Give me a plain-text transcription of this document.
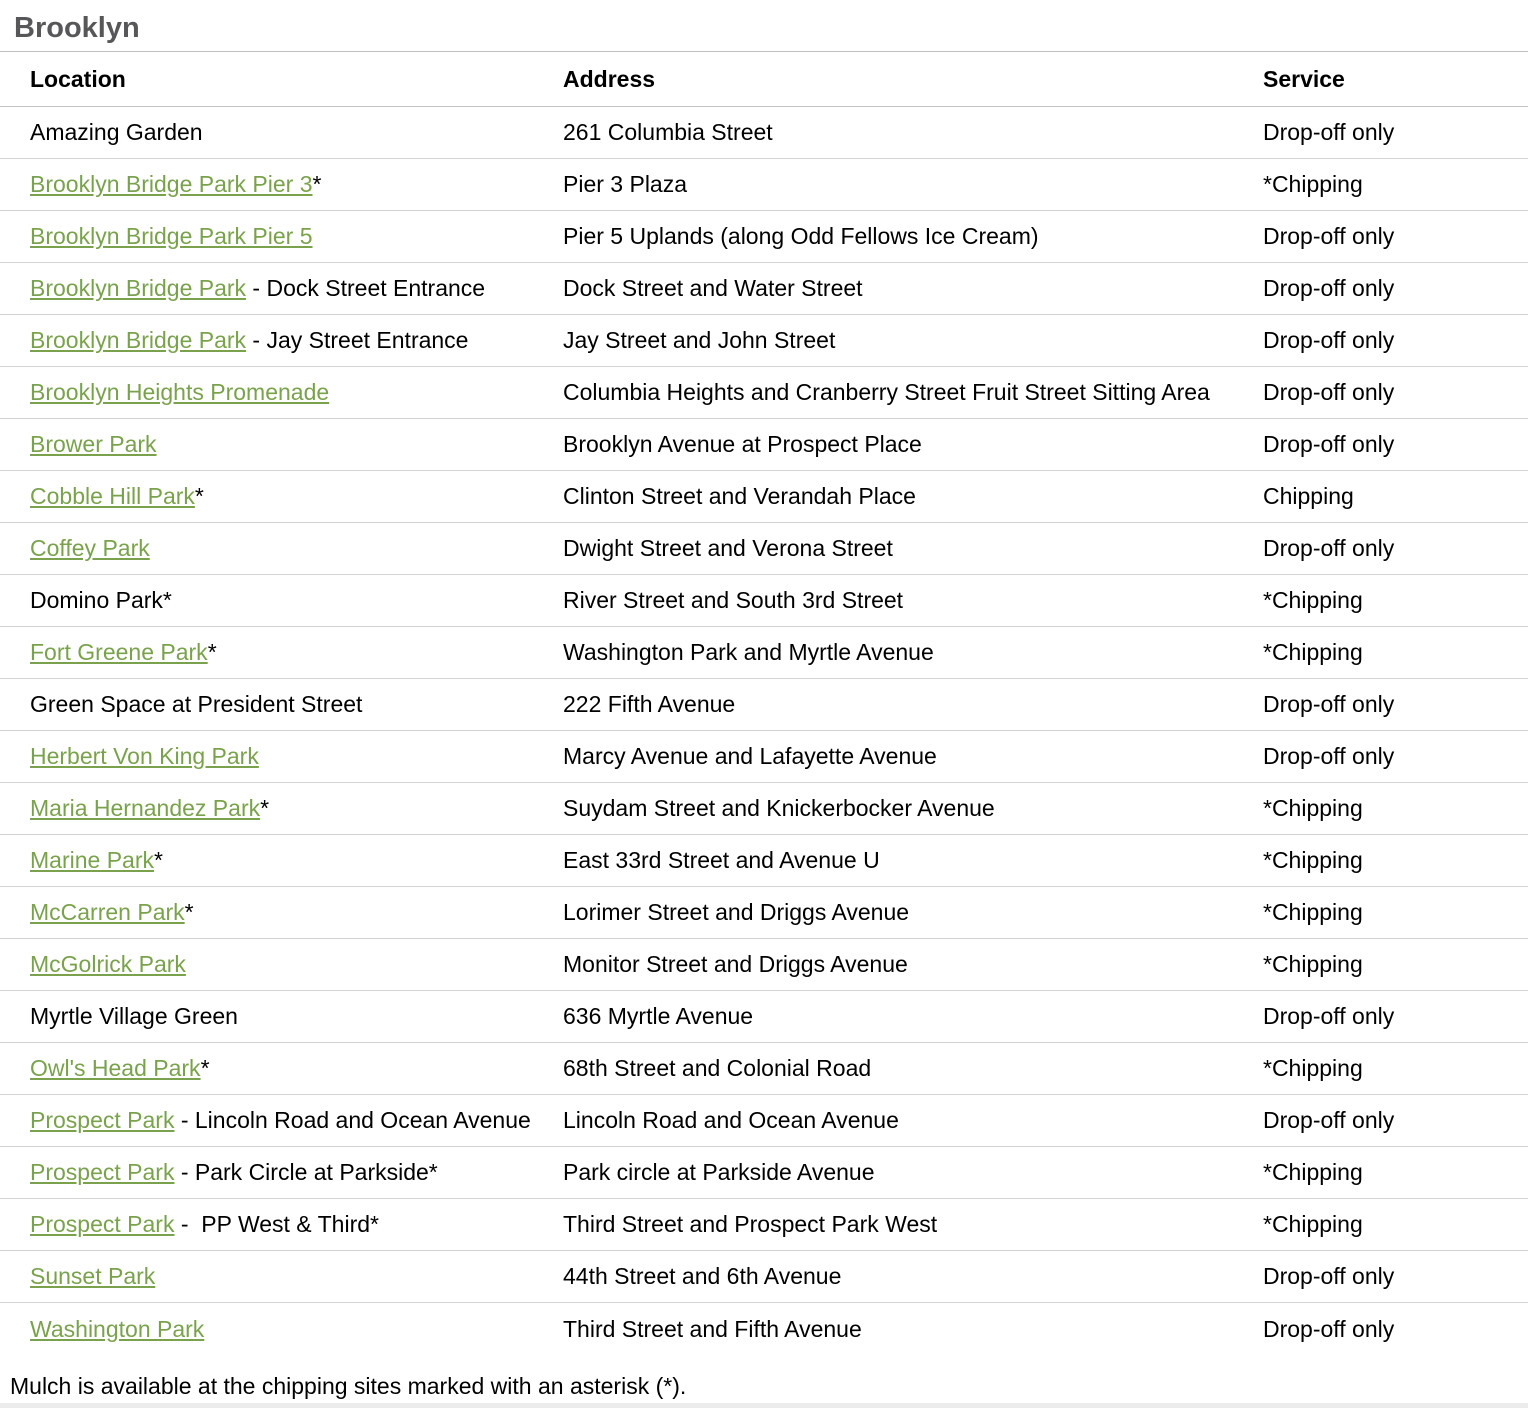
Brooklyn
Location	Address	Service
Amazing Garden	261 Columbia Street	Drop-off only
Brooklyn Bridge Park Pier 3*	Pier 3 Plaza	*Chipping
Brooklyn Bridge Park Pier 5	Pier 5 Uplands (along Odd Fellows Ice Cream)	Drop-off only
Brooklyn Bridge Park - Dock Street Entrance	Dock Street and Water Street	Drop-off only
Brooklyn Bridge Park - Jay Street Entrance	Jay Street and John Street	Drop-off only
Brooklyn Heights Promenade	Columbia Heights and Cranberry Street Fruit Street Sitting Area	Drop-off only
Brower Park	Brooklyn Avenue at Prospect Place	Drop-off only
Cobble Hill Park*	Clinton Street and Verandah Place	Chipping
Coffey Park	Dwight Street and Verona Street	Drop-off only
Domino Park*	River Street and South 3rd Street	*Chipping
Fort Greene Park*	Washington Park and Myrtle Avenue	*Chipping
Green Space at President Street	222 Fifth Avenue	Drop-off only
Herbert Von King Park	Marcy Avenue and Lafayette Avenue	Drop-off only
Maria Hernandez Park*	Suydam Street and Knickerbocker Avenue	*Chipping
Marine Park*	East 33rd Street and Avenue U	*Chipping
McCarren Park*	Lorimer Street and Driggs Avenue	*Chipping
McGolrick Park	Monitor Street and Driggs Avenue	*Chipping
Myrtle Village Green	636 Myrtle Avenue	Drop-off only
Owl's Head Park*	68th Street and Colonial Road	*Chipping
Prospect Park - Lincoln Road and Ocean Avenue	Lincoln Road and Ocean Avenue	Drop-off only
Prospect Park - Park Circle at Parkside*	Park circle at Parkside Avenue	*Chipping
Prospect Park -  PP West & Third*	Third Street and Prospect Park West	*Chipping
Sunset Park	44th Street and 6th Avenue	Drop-off only
Washington Park	Third Street and Fifth Avenue	Drop-off only

Mulch is available at the chipping sites marked with an asterisk (*).
